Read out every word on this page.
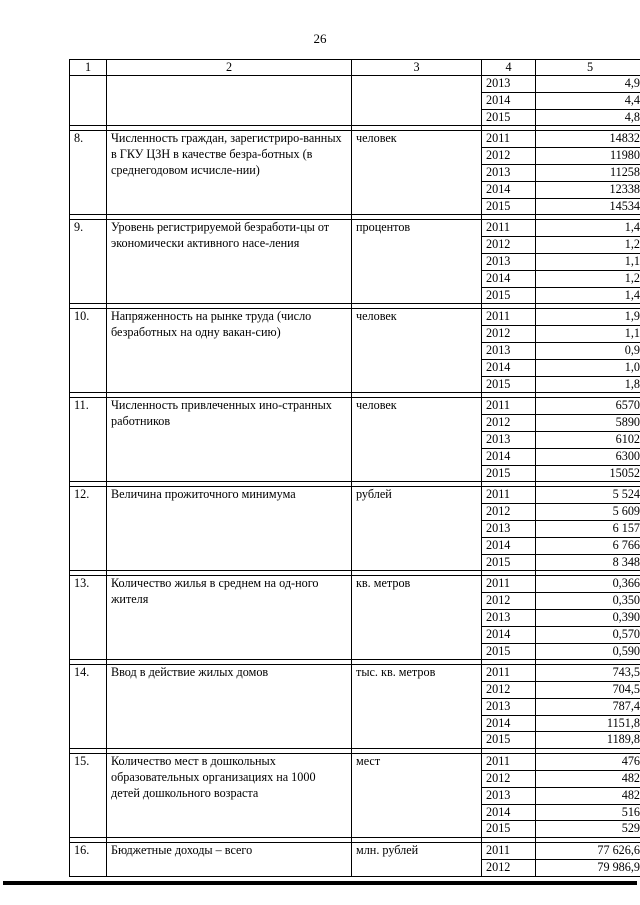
26
1	2	3	4	5
			2013	4,9
			2014	4,4
			2015	4,8

8.	Численность граждан, зарегистриро-ванных в ГКУ ЦЗН в качестве безра-ботных (в среднегодовом исчисле-нии)	человек	2011	14832
			2012	11980
			2013	11258
			2014	12338
			2015	14534

9.	Уровень регистрируемой безработи-цы от экономически активного насе-ления	процентов	2011	1,4
			2012	1,2
			2013	1,1
			2014	1,2
			2015	1,4

10.	Напряженность на рынке труда (число безработных на одну вакан-сию)	человек	2011	1,9
			2012	1,1
			2013	0,9
			2014	1,0
			2015	1,8

11.	Численность привлеченных ино-странных работников	человек	2011	6570
			2012	5890
			2013	6102
			2014	6300
			2015	15052

12.	Величина прожиточного минимума	рублей	2011	5 524
			2012	5 609
			2013	6 157
			2014	6 766
			2015	8 348

13.	Количество жилья в среднем на од-ного жителя	кв. метров	2011	0,366
			2012	0,350
			2013	0,390
			2014	0,570
			2015	0,590

14.	Ввод в действие жилых домов	тыс. кв. метров	2011	743,5
			2012	704,5
			2013	787,4
			2014	1151,8
			2015	1189,8

15.	Количество мест в дошкольных образовательных организациях на 1000 детей дошкольного возраста	мест	2011	476
			2012	482
			2013	482
			2014	516
			2015	529

16.	Бюджетные доходы – всего	млн. рублей	2011	77 626,6
			2012	79 986,9
